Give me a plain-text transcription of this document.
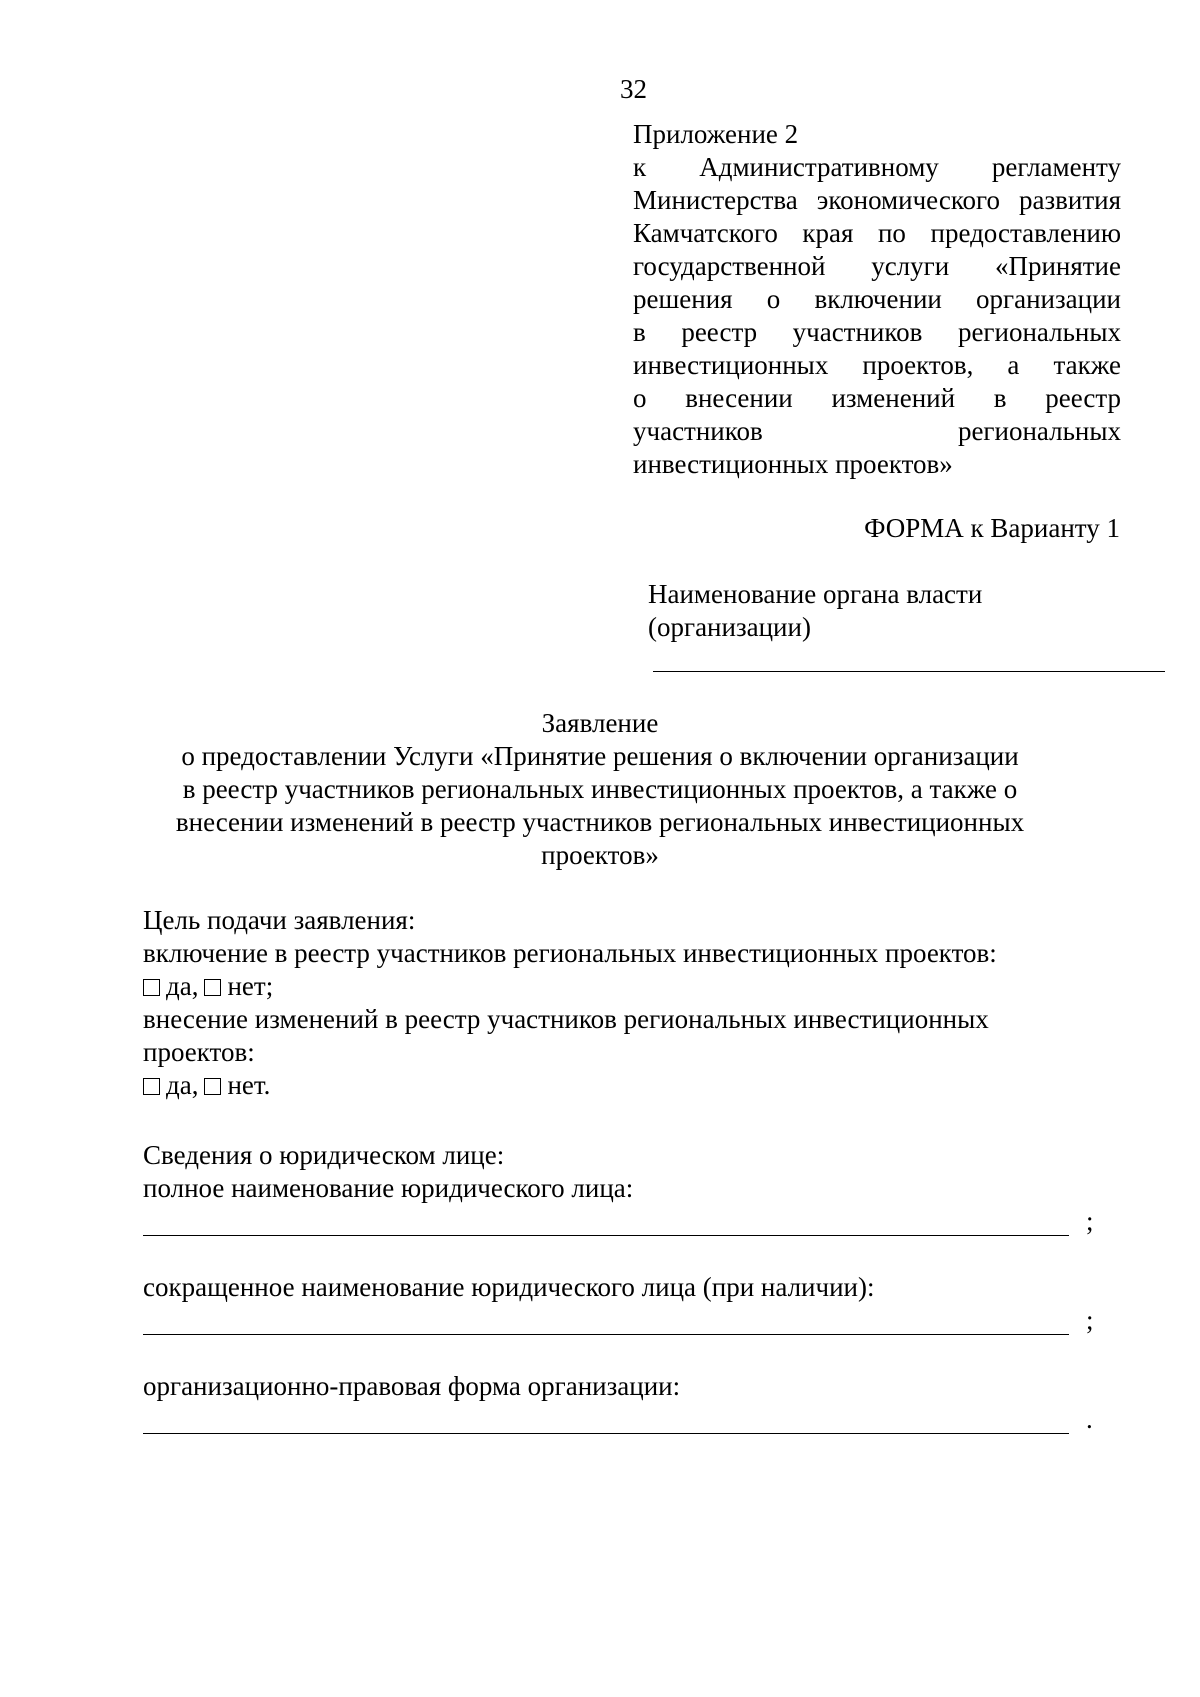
32
Приложение 2
к Административному регламенту
Министерства экономического развития
Камчатского края по предоставлению
государственной услуги «Принятие
решения о включении организации
в реестр участников региональных
инвестиционных проектов, а также
о внесении изменений в реестр
участников региональных
инвестиционных проектов»
ФОРМА к Варианту 1
Наименование органа власти
(организации)
Заявление
о предоставлении Услуги «Принятие решения о включении организации
в реестр участников региональных инвестиционных проектов, а также о
внесении изменений в реестр участников региональных инвестиционных
проектов»
Цель подачи заявления:
включение в реестр участников региональных инвестиционных проектов:
да, нет;
внесение изменений в реестр участников региональных инвестиционных
проектов:
да, нет.
Сведения о юридическом лице:
полное наименование юридического лица:
;
сокращенное наименование юридического лица (при наличии):
;
организационно-правовая форма организации:
.
